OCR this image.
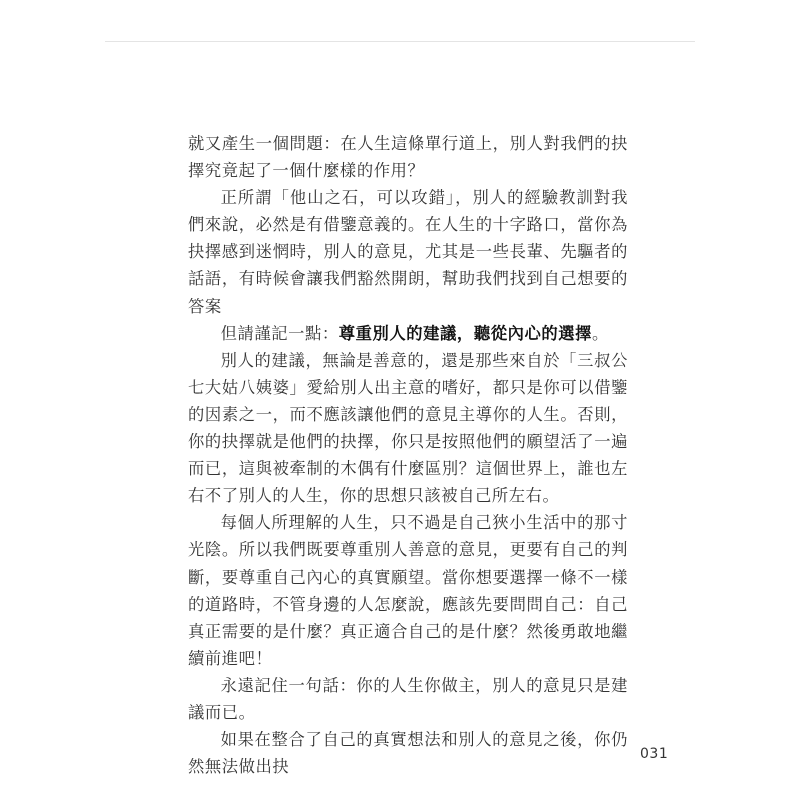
就又產生一個問題：在人生這條單行道上，別人對我們的抉擇究竟起了一個什麼樣的作用？

正所謂「他山之石，可以攻錯」，別人的經驗教訓對我們來說，必然是有借鑒意義的。在人生的十字路口，當你為抉擇感到迷惘時，別人的意見，尤其是一些長輩、先驅者的話語，有時候會讓我們豁然開朗，幫助我們找到自己想要的答案

但請謹記一點：尊重別人的建議，聽從內心的選擇。

別人的建議，無論是善意的，還是那些來自於「三叔公七大姑八姨婆」愛給別人出主意的嗜好，都只是你可以借鑒的因素之一，而不應該讓他們的意見主導你的人生。否則，你的抉擇就是他們的抉擇，你只是按照他們的願望活了一遍而已，這與被牽制的木偶有什麼區別？這個世界上，誰也左右不了別人的人生，你的思想只該被自己所左右。

每個人所理解的人生，只不過是自己狹小生活中的那寸光陰。所以我們既要尊重別人善意的意見，更要有自己的判斷，要尊重自己內心的真實願望。當你想要選擇一條不一樣的道路時，不管身邊的人怎麼說，應該先要問問自己：自己真正需要的是什麼？真正適合自己的是什麼？然後勇敢地繼續前進吧！

永遠記住一句話：你的人生你做主，別人的意見只是建議而已。

如果在整合了自己的真實想法和別人的意見之後，你仍然無法做出抉

031
